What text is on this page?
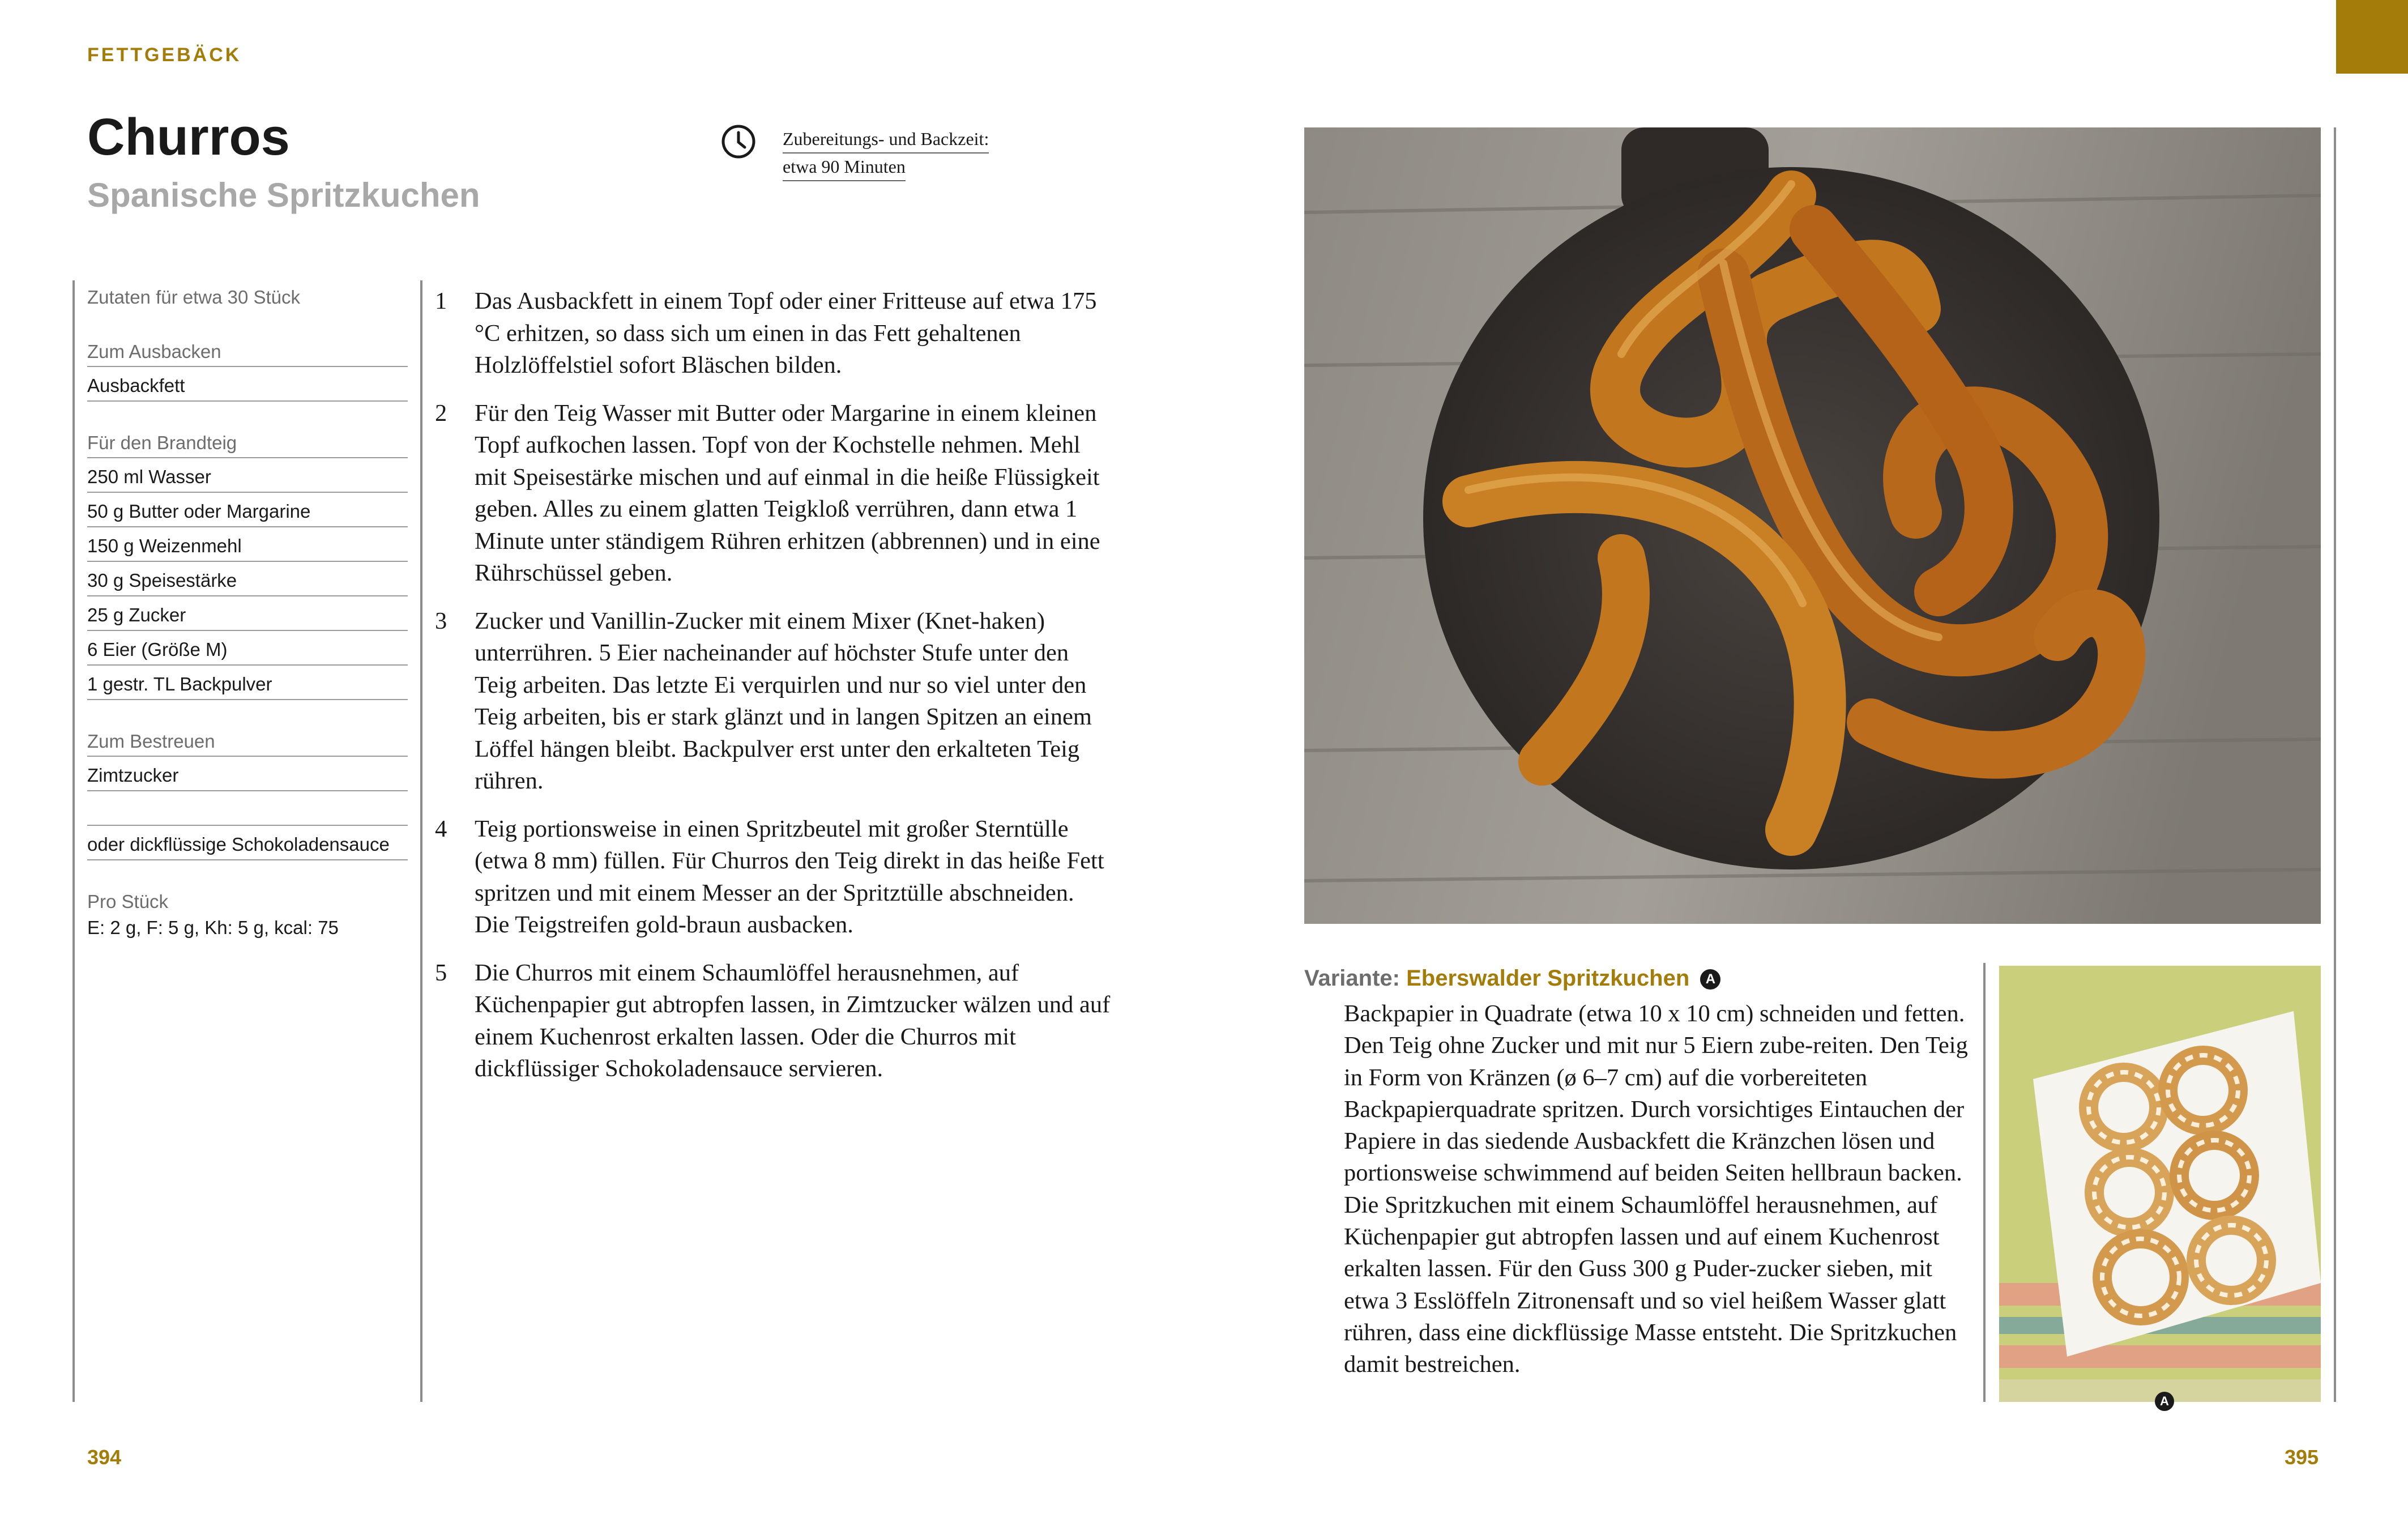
FETTGEBÄCK
Churros
Spanische Spritzkuchen
Zubereitungs- und Backzeit:
etwa 90 Minuten
Zutaten für etwa 30 Stück
Zum Ausbacken
Ausbackfett
Für den Brandteig
250 ml Wasser
50 g Butter oder Margarine
150 g Weizenmehl
30 g Speisestärke
25 g Zucker
6 Eier (Größe M)
1 gestr. TL Backpulver
Zum Bestreuen
Zimtzucker
oder dickflüssige Schokoladensauce
Pro Stück
E: 2 g, F: 5 g, Kh: 5 g, kcal: 75
1 Das Ausbackfett in einem Topf oder einer Fritteuse auf etwa 175 °C erhitzen, so dass sich um einen in das Fett gehaltenen Holzlöffelstiel sofort Bläschen bilden.
2 Für den Teig Wasser mit Butter oder Margarine in einem kleinen Topf aufkochen lassen. Topf von der Kochstelle nehmen. Mehl mit Speisestärke mischen und auf einmal in die heiße Flüssigkeit geben. Alles zu einem glatten Teigkloß verrühren, dann etwa 1 Minute unter ständigem Rühren erhitzen (abbrennen) und in eine Rührschüssel geben.
3 Zucker und Vanillin-Zucker mit einem Mixer (Knet-haken) unterrühren. 5 Eier nacheinander auf höchster Stufe unter den Teig arbeiten. Das letzte Ei verquirlen und nur so viel unter den Teig arbeiten, bis er stark glänzt und in langen Spitzen an einem Löffel hängen bleibt. Backpulver erst unter den erkalteten Teig rühren.
4 Teig portionsweise in einen Spritzbeutel mit großer Sterntülle (etwa 8 mm) füllen. Für Churros den Teig direkt in das heiße Fett spritzen und mit einem Messer an der Spritztülle abschneiden. Die Teigstreifen gold-braun ausbacken.
5 Die Churros mit einem Schaumlöffel herausnehmen, auf Küchenpapier gut abtropfen lassen, in Zimtzucker wälzen und auf einem Kuchenrost erkalten lassen. Oder die Churros mit dickflüssiger Schokoladensauce servieren.
Variante: Eberswalder Spritzkuchen A
Backpapier in Quadrate (etwa 10 x 10 cm) schneiden und fetten. Den Teig ohne Zucker und mit nur 5 Eiern zube-reiten. Den Teig in Form von Kränzen (ø 6–7 cm) auf die vorbereiteten Backpapierquadrate spritzen. Durch vorsichtiges Eintauchen der Papiere in das siedende Ausbackfett die Kränzchen lösen und portionsweise schwimmend auf beiden Seiten hellbraun backen. Die Spritzkuchen mit einem Schaumlöffel herausnehmen, auf Küchenpapier gut abtropfen lassen und auf einem Kuchenrost erkalten lassen. Für den Guss 300 g Puder-zucker sieben, mit etwa 3 Esslöffeln Zitronensaft und so viel heißem Wasser glatt rühren, dass eine dickflüssige Masse entsteht. Die Spritzkuchen damit bestreichen.
A
394	395
